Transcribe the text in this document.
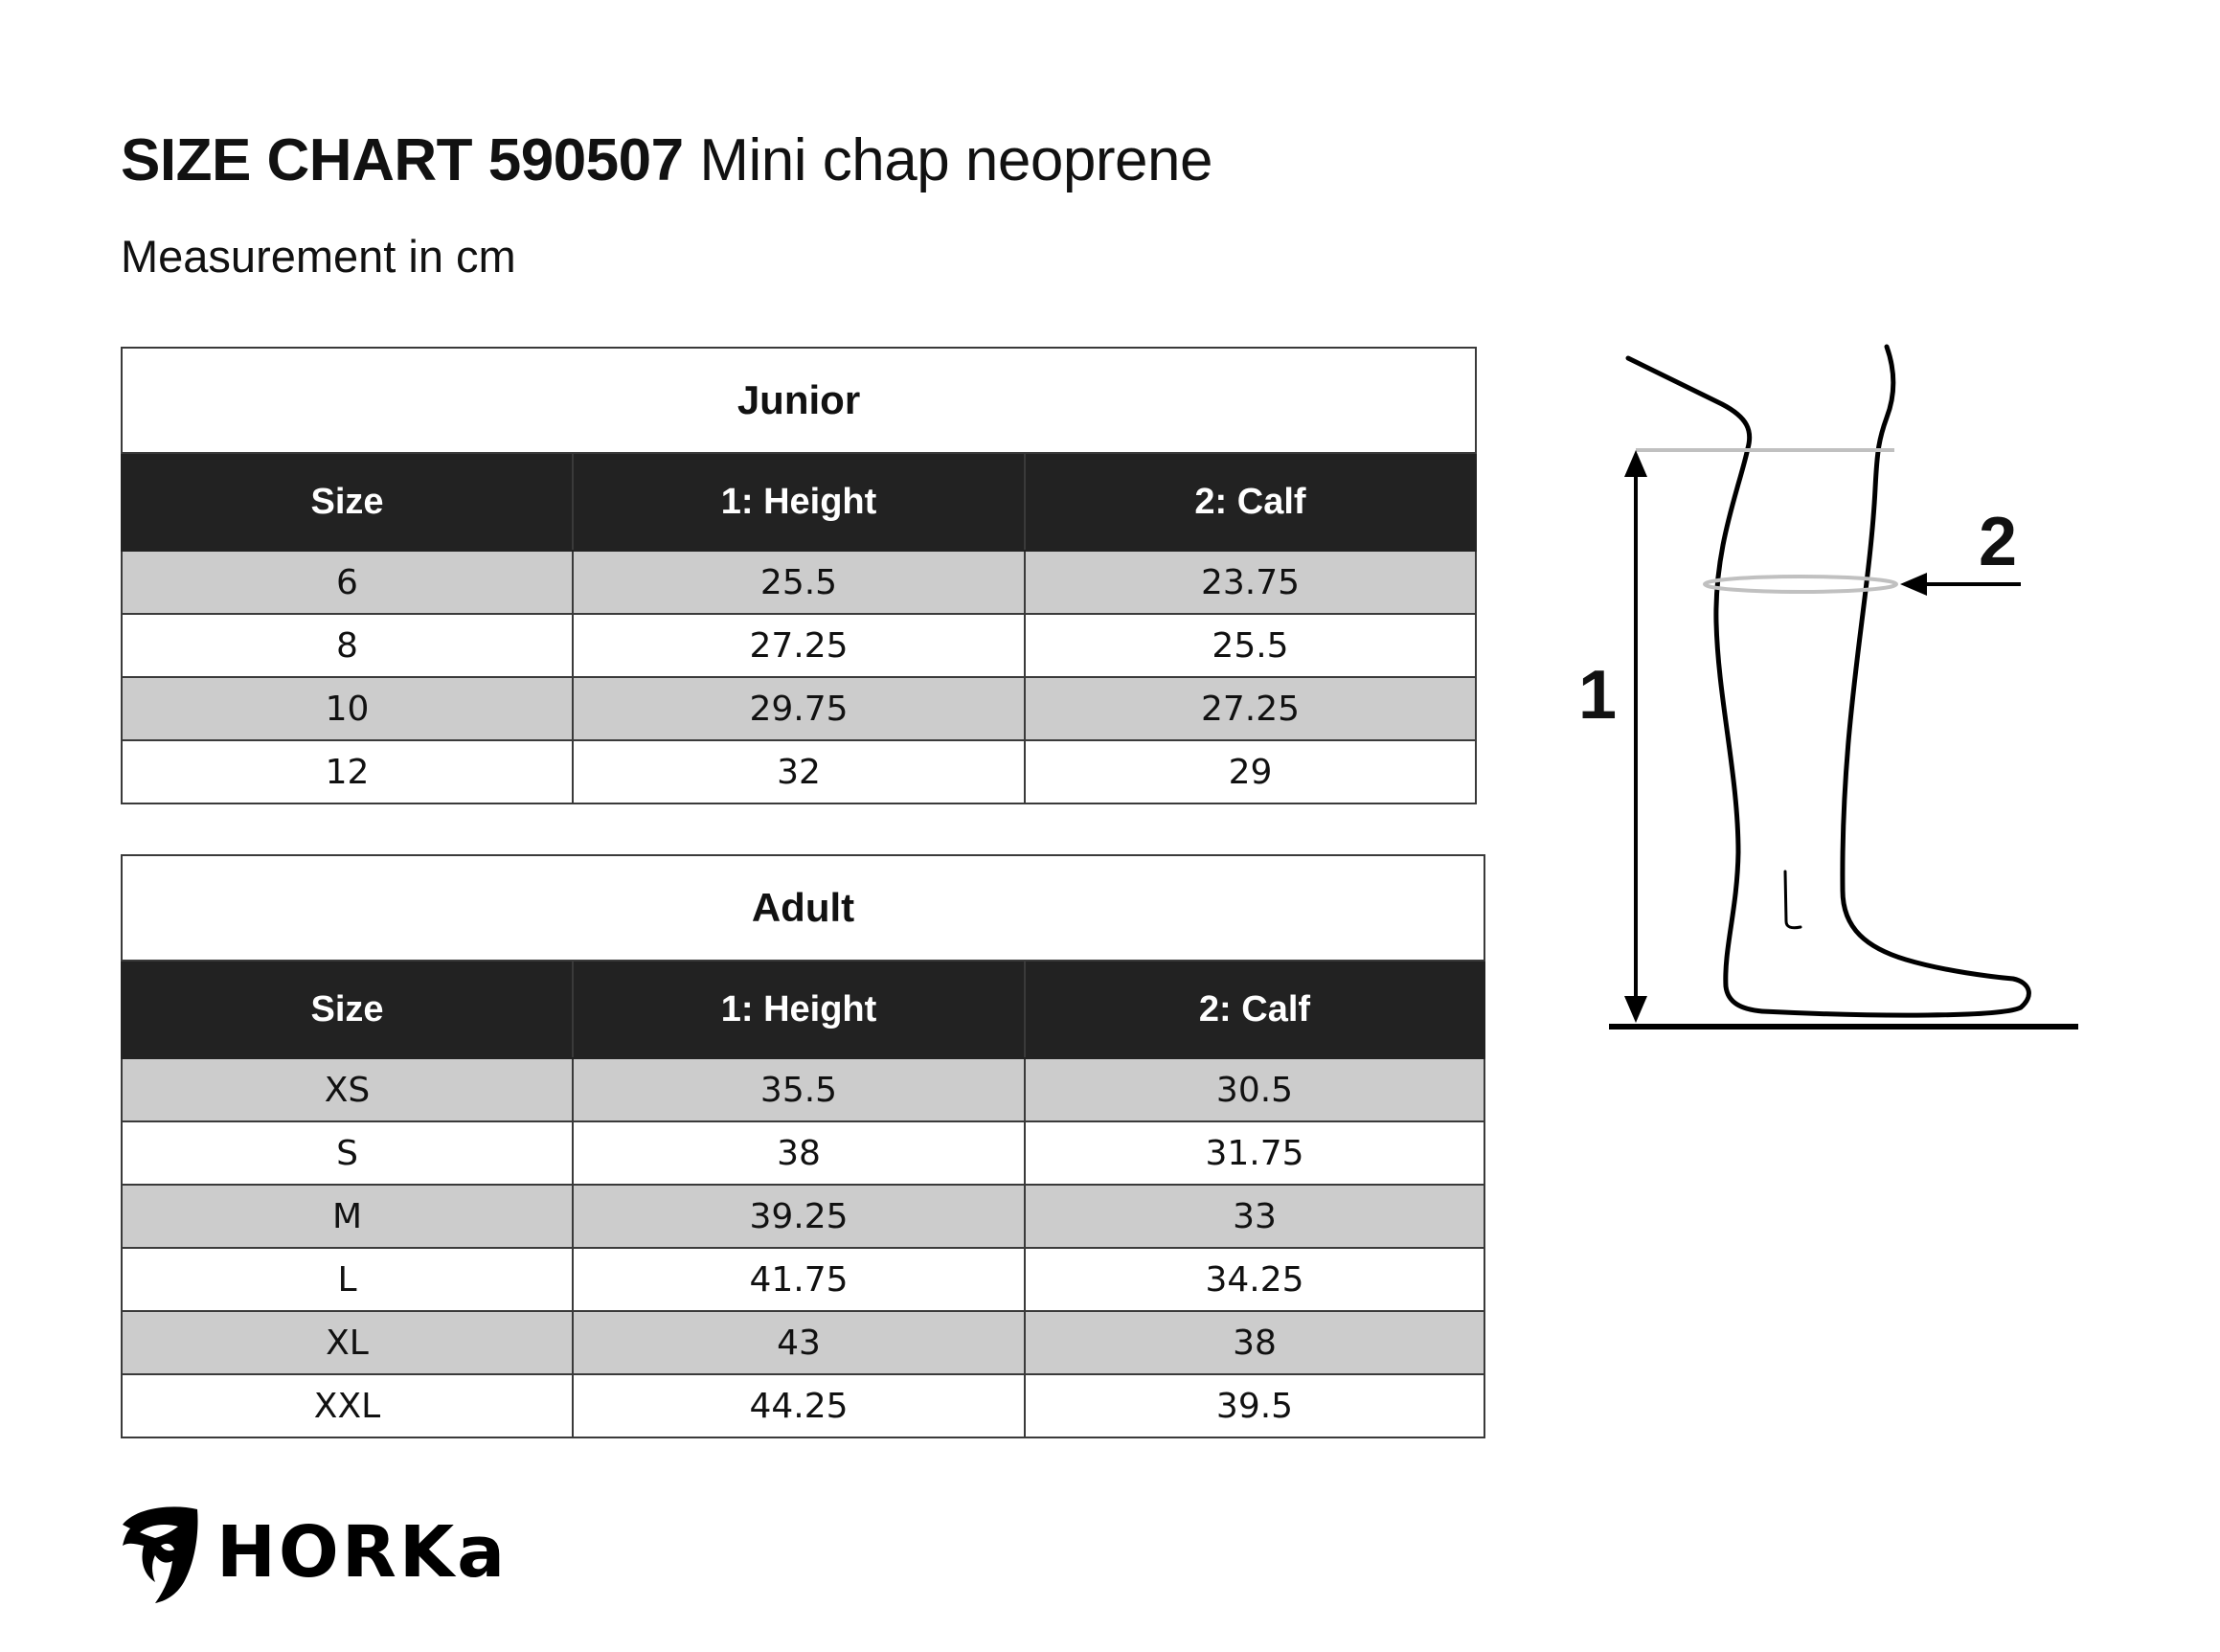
SIZE CHART 590507 Mini chap neoprene
Measurement in cm
Junior		
Size	1: Height	2: Calf
6	25.5	23.75
8	27.25	25.5
10	29.75	27.25
12	32	29
Adult		
Size	1: Height	2: Calf
XS	35.5	30.5
S	38	31.75
M	39.25	33
L	41.75	34.25
XL	43	38
XXL	44.25	39.5
1
2
HORKa
